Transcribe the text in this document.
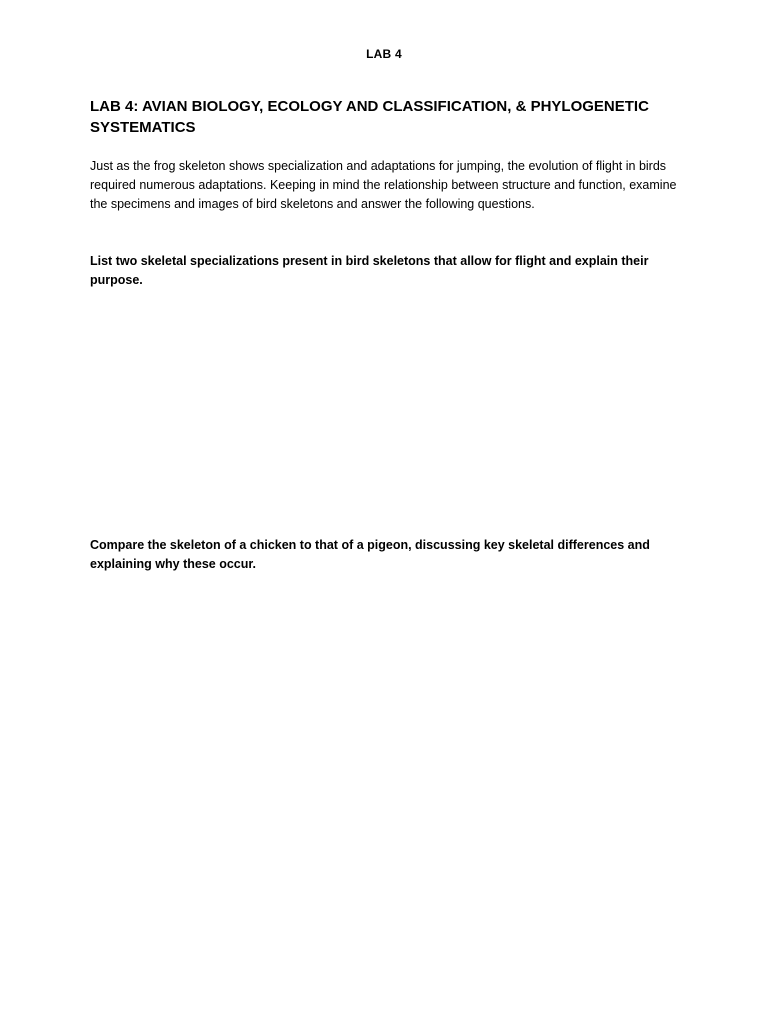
LAB 4
LAB 4: AVIAN BIOLOGY, ECOLOGY AND CLASSIFICATION, & PHYLOGENETIC SYSTEMATICS

Just as the frog skeleton shows specialization and adaptations for jumping, the evolution of flight in birds required numerous adaptations. Keeping in mind the relationship between structure and function, examine the specimens and images of bird skeletons and answer the following questions.

List two skeletal specializations present in bird skeletons that allow for flight and explain their purpose.

Compare the skeleton of a chicken to that of a pigeon, discussing key skeletal differences and explaining why these occur.
